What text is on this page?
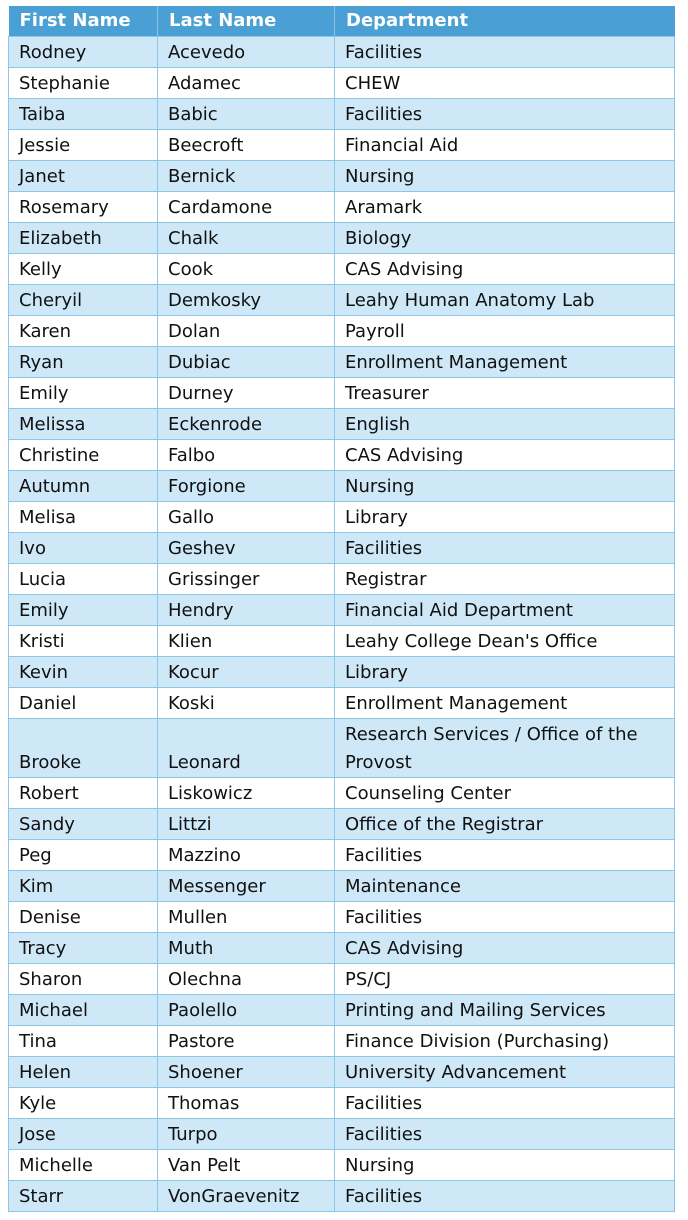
First Name	Last Name	Department
Rodney	Acevedo	Facilities
Stephanie	Adamec	CHEW
Taiba	Babic	Facilities
Jessie	Beecroft	Financial Aid
Janet	Bernick	Nursing
Rosemary	Cardamone	Aramark
Elizabeth	Chalk	Biology
Kelly	Cook	CAS Advising
Cheryil	Demkosky	Leahy Human Anatomy Lab
Karen	Dolan	Payroll
Ryan	Dubiac	Enrollment Management
Emily	Durney	Treasurer
Melissa	Eckenrode	English
Christine	Falbo	CAS Advising
Autumn	Forgione	Nursing
Melisa	Gallo	Library
Ivo	Geshev	Facilities
Lucia	Grissinger	Registrar
Emily	Hendry	Financial Aid Department
Kristi	Klien	Leahy College Dean's Office
Kevin	Kocur	Library
Daniel	Koski	Enrollment Management
Brooke	Leonard	Research Services / Office of the Provost
Robert	Liskowicz	Counseling Center
Sandy	Littzi	Office of the Registrar
Peg	Mazzino	Facilities
Kim	Messenger	Maintenance
Denise	Mullen	Facilities
Tracy	Muth	CAS Advising
Sharon	Olechna	PS/CJ
Michael	Paolello	Printing and Mailing Services
Tina	Pastore	Finance Division (Purchasing)
Helen	Shoener	University Advancement
Kyle	Thomas	Facilities
Jose	Turpo	Facilities
Michelle	Van Pelt	Nursing
Starr	VonGraevenitz	Facilities
